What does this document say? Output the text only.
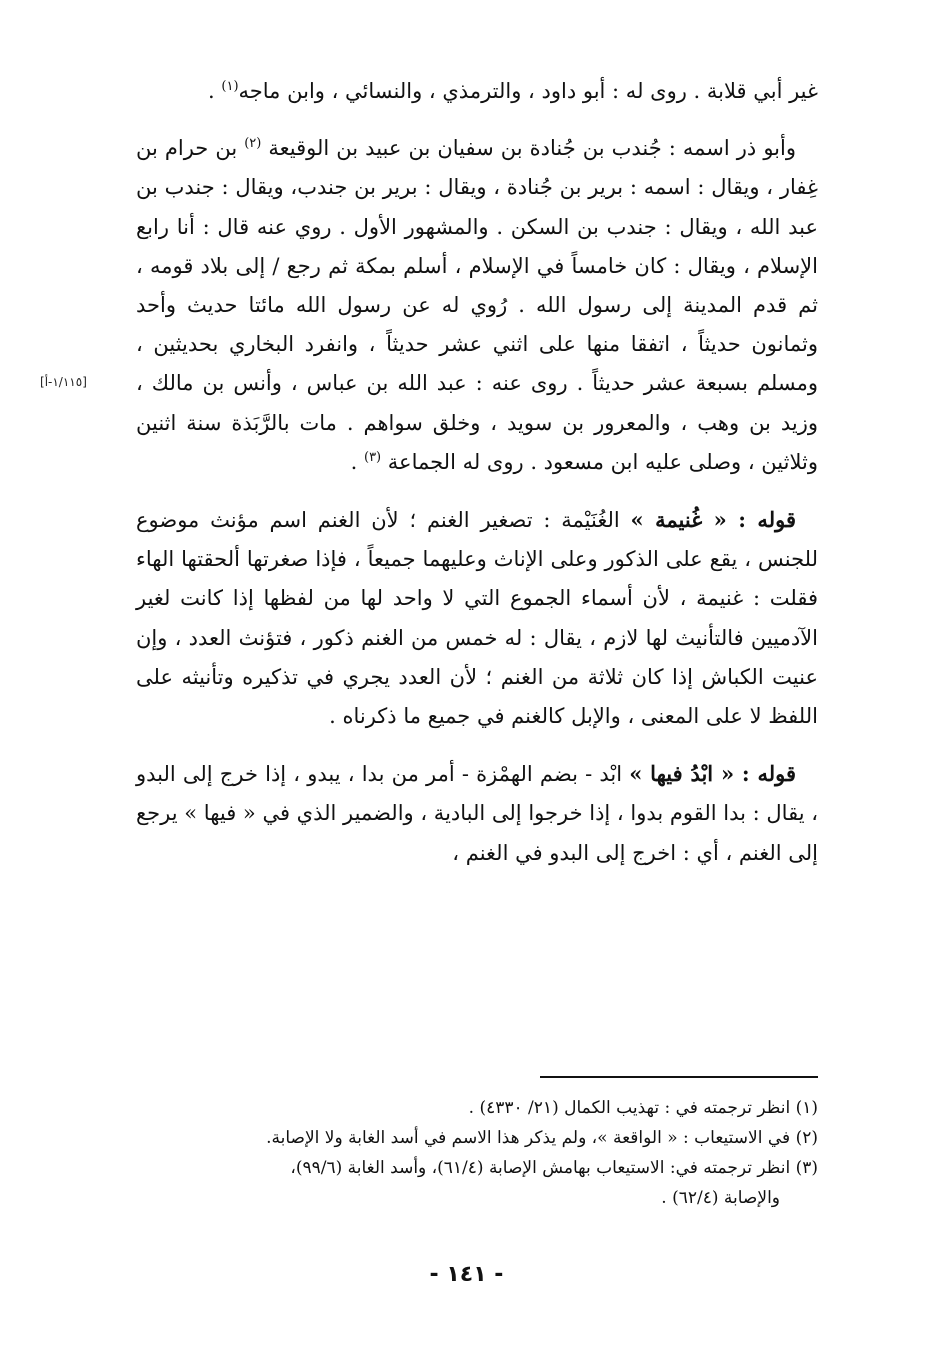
غير أبي قلابة . روى له : أبو داود ، والترمذي ، والنسائي ، وابن ماجه$^{(١)}$ .

وأبو ذر اسمه : جُندب بن جُنادة بن سفيان بن عبيد بن الوقيعة $^{(٢)}$ بن حرام بن غِفار ، ويقال : اسمه : برير بن جُنادة ، ويقال : برير بن جندب، ويقال : جندب بن عبد الله ، ويقال : جندب بن السكن . والمشهور الأول . روي عنه قال : أنا رابع الإسلام ، ويقال : كان خامساً في الإسلام ، أسلم بمكة ثم رجع / إلى بلاد قومه ، ثم قدم المدينة إلى رسول الله . رُوي له عن رسول الله مائتا حديث وأحد وثمانون حديثاً ، اتفقا منها على اثني عشر حديثاً ، وانفرد البخاري بحديثين ، ومسلم بسبعة عشر حديثاً . روى عنه : عبد الله بن عباس ، وأنس بن مالك ، وزيد بن وهب ، والمعرور بن سويد ، وخلق سواهم . مات بالرَّبَذة سنة اثنين وثلاثين ، وصلى عليه ابن مسعود . روى له الجماعة $^{(٣)}$ .

قوله : « غُنيمة » الغُنَيْمة : تصغير الغنم ؛ لأن الغنم اسم مؤنث موضوع للجنس ، يقع على الذكور وعلى الإناث وعليهما جميعاً ، فإذا صغرتها ألحقتها الهاء فقلت : غنيمة ، لأن أسماء الجموع التي لا واحد لها من لفظها إذا كانت لغير الآدميين فالتأنيث لها لازم ، يقال : له خمس من الغنم ذكور ، فتؤنث العدد ، وإن عنيت الكباش إذا كان ثلاثة من الغنم ؛ لأن العدد يجري في تذكيره وتأنيثه على اللفظ لا على المعنى ، والإبل كالغنم في جميع ما ذكرناه .

قوله : « ابْدُ فيها » ابْد - بضم الهمْزة - أمر من بدا ، يبدو ، إذا خرج إلى البدو ، يقال : بدا القوم بدوا ، إذا خرجوا إلى البادية ، والضمير الذي في « فيها » يرجع إلى الغنم ، أي : اخرج إلى البدو في الغنم ،

[١/١١٥-أ]

(١) انظر ترجمته في : تهذيب الكمال (٢١/ ٤٣٣٠) .

(٢) في الاستيعاب : « الواقعة »، ولم يذكر هذا الاسم في أسد الغابة ولا الإصابة.

(٣) انظر ترجمته في: الاستيعاب بهامش الإصابة (٦١/٤)، وأسد الغابة (٩٩/٦)،

والإصابة (٦٢/٤) .

- ١٤١ -
